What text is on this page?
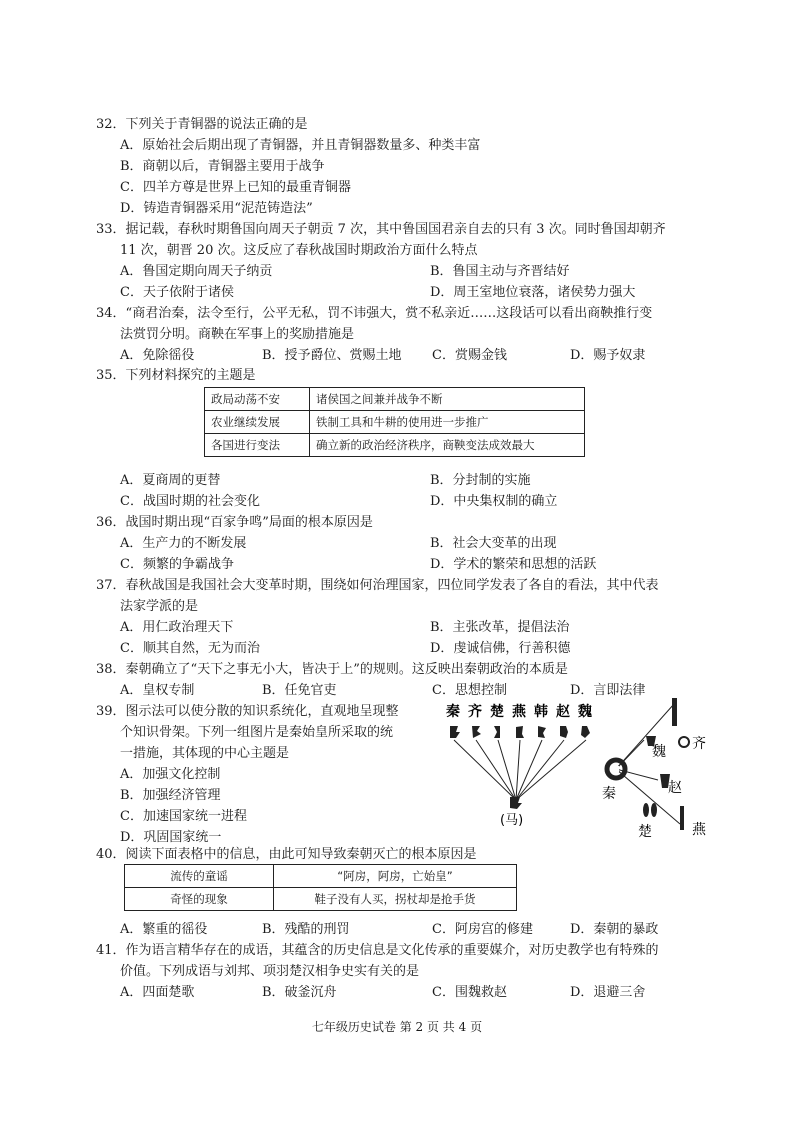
32．下列关于青铜器的说法正确的是
A．原始社会后期出现了青铜器，并且青铜器数量多、种类丰富
B．商朝以后，青铜器主要用于战争
C．四羊方尊是世界上已知的最重青铜器
D．铸造青铜器采用“泥范铸造法”
33．据记载，春秋时期鲁国向周天子朝贡 7 次，其中鲁国国君亲自去的只有 3 次。同时鲁国却朝齐
11 次，朝晋 20 次。这反应了春秋战国时期政治方面什么特点
A．鲁国定期向周天子纳贡	B．鲁国主动与齐晋结好
C．天子依附于诸侯	D．周王室地位衰落，诸侯势力强大
34．“商君治秦，法令至行，公平无私，罚不讳强大，赏不私亲近……这段话可以看出商鞅推行变
法赏罚分明。商鞅在军事上的奖励措施是
A．免除徭役	B．授予爵位、赏赐土地 C．赏赐金钱	D．赐予奴隶
35．下列材料探究的主题是
政局动荡不安	诸侯国之间兼并战争不断
农业继续发展	铁制工具和牛耕的使用进一步推广
各国进行变法	确立新的政治经济秩序，商鞅变法成效最大
A．夏商周的更替	B．分封制的实施
C．战国时期的社会变化	D．中央集权制的确立
36．战国时期出现“百家争鸣”局面的根本原因是
A．生产力的不断发展	B．社会大变革的出现
C．频繁的争霸战争	D．学术的繁荣和思想的活跃
37．春秋战国是我国社会大变革时期，围绕如何治理国家，四位同学发表了各自的看法，其中代表
法家学派的是
A．用仁政治理天下	B．主张改革，提倡法治
C．顺其自然，无为而治	D．虔诚信佛，行善积德
38．秦朝确立了“天下之事无小大，皆决于上”的规则。这反映出秦朝政治的本质是
A．皇权专制	B．任免官吏	C．思想控制	D．言即法律
39．图示法可以使分散的知识系统化，直观地呈现整
个知识骨架。下列一组图片是秦始皇所采取的统
一措施，其体现的中心主题是
A．加强文化控制
B．加强经济管理
C．加速国家统一进程
D．巩固国家统一
秦 齐 楚 燕 韩 赵 魏
(马)
秦
齐
魏
赵
楚	燕
40．阅读下面表格中的信息，由此可知导致秦朝灭亡的根本原因是
流传的童谣	“阿房，阿房，亡始皇”
奇怪的现象	鞋子没有人买，拐杖却是抢手货
A．繁重的徭役	B．残酷的刑罚	C．阿房宫的修建	D．秦朝的暴政
41．作为语言精华存在的成语，其蕴含的历史信息是文化传承的重要媒介，对历史教学也有特殊的
价值。下列成语与刘邦、项羽楚汉相争史实有关的是
A．四面楚歌	B．破釜沉舟	C．围魏救赵	D．退避三舍
七年级历史试卷 第 2 页 共 4 页
